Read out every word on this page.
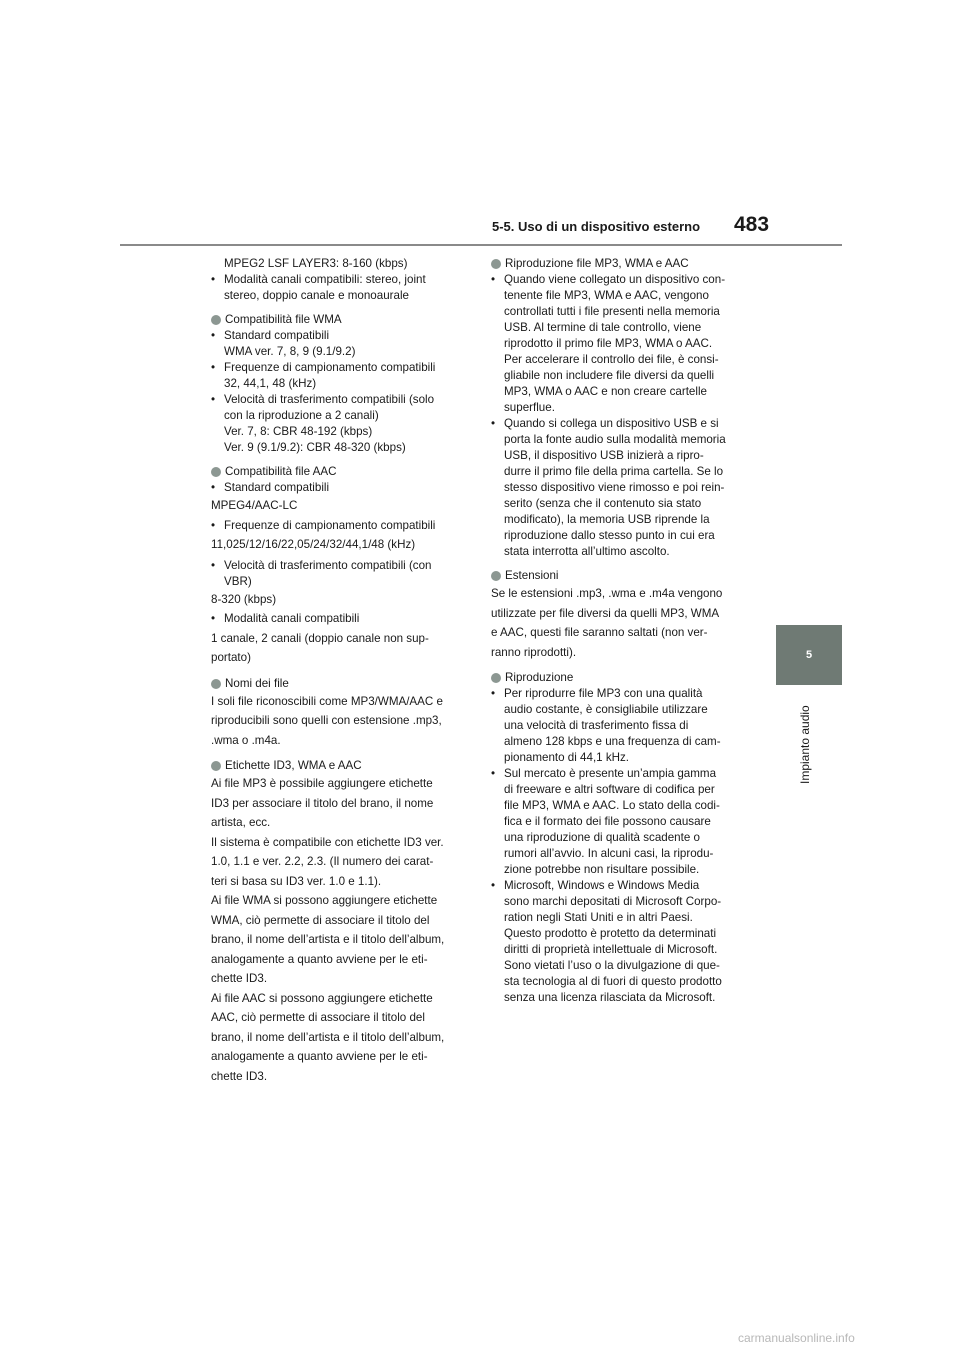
5-5. Uso di un dispositivo esterno 483
5
Impianto audio
MPEG2 LSF LAYER3: 8-160 (kbps)
• Modalità canali compatibili: stereo, joint
stereo, doppio canale e monoaurale
Compatibilità file WMA
• Standard compatibili
WMA ver. 7, 8, 9 (9.1/9.2)
• Frequenze di campionamento compatibili
32, 44,1, 48 (kHz)
• Velocità di trasferimento compatibili (solo
con la riproduzione a 2 canali)
Ver. 7, 8: CBR 48-192 (kbps)
Ver. 9 (9.1/9.2): CBR 48-320 (kbps)
Compatibilità file AAC
• Standard compatibili
MPEG4/AAC-LC
• Frequenze di campionamento compatibili
11,025/12/16/22,05/24/32/44,1/48 (kHz)
• Velocità di trasferimento compatibili (con
VBR)
8-320 (kbps)
• Modalità canali compatibili
1 canale, 2 canali (doppio canale non sup-
portato)
Nomi dei file
I soli file riconoscibili come MP3/WMA/AAC e
riproducibili sono quelli con estensione .mp3,
.wma o .m4a.
Etichette ID3, WMA e AAC
Ai file MP3 è possibile aggiungere etichette
ID3 per associare il titolo del brano, il nome
artista, ecc.
Il sistema è compatibile con etichette ID3 ver.
1.0, 1.1 e ver. 2.2, 2.3. (Il numero dei carat-
teri si basa su ID3 ver. 1.0 e 1.1).
Ai file WMA si possono aggiungere etichette
WMA, ciò permette di associare il titolo del
brano, il nome dell’artista e il titolo dell’album,
analogamente a quanto avviene per le eti-
chette ID3.
Ai file AAC si possono aggiungere etichette
AAC, ciò permette di associare il titolo del
brano, il nome dell’artista e il titolo dell’album,
analogamente a quanto avviene per le eti-
chette ID3.
Riproduzione file MP3, WMA e AAC
• Quando viene collegato un dispositivo con-
tenente file MP3, WMA e AAC, vengono
controllati tutti i file presenti nella memoria
USB. Al termine di tale controllo, viene
riprodotto il primo file MP3, WMA o AAC.
Per accelerare il controllo dei file, è consi-
gliabile non includere file diversi da quelli
MP3, WMA o AAC e non creare cartelle
superflue.
• Quando si collega un dispositivo USB e si
porta la fonte audio sulla modalità memoria
USB, il dispositivo USB inizierà a ripro-
durre il primo file della prima cartella. Se lo
stesso dispositivo viene rimosso e poi rein-
serito (senza che il contenuto sia stato
modificato), la memoria USB riprende la
riproduzione dallo stesso punto in cui era
stata interrotta all’ultimo ascolto.
Estensioni
Se le estensioni .mp3, .wma e .m4a vengono
utilizzate per file diversi da quelli MP3, WMA
e AAC, questi file saranno saltati (non ver-
ranno riprodotti).
Riproduzione
• Per riprodurre file MP3 con una qualità
audio costante, è consigliabile utilizzare
una velocità di trasferimento fissa di
almeno 128 kbps e una frequenza di cam-
pionamento di 44,1 kHz.
• Sul mercato è presente un’ampia gamma
di freeware e altri software di codifica per
file MP3, WMA e AAC. Lo stato della codi-
fica e il formato dei file possono causare
una riproduzione di qualità scadente o
rumori all’avvio. In alcuni casi, la riprodu-
zione potrebbe non risultare possibile.
• Microsoft, Windows e Windows Media
sono marchi depositati di Microsoft Corpo-
ration negli Stati Uniti e in altri Paesi.
Questo prodotto è protetto da determinati
diritti di proprietà intellettuale di Microsoft.
Sono vietati l’uso o la divulgazione di que-
sta tecnologia al di fuori di questo prodotto
senza una licenza rilasciata da Microsoft.
carmanualsonline.info
